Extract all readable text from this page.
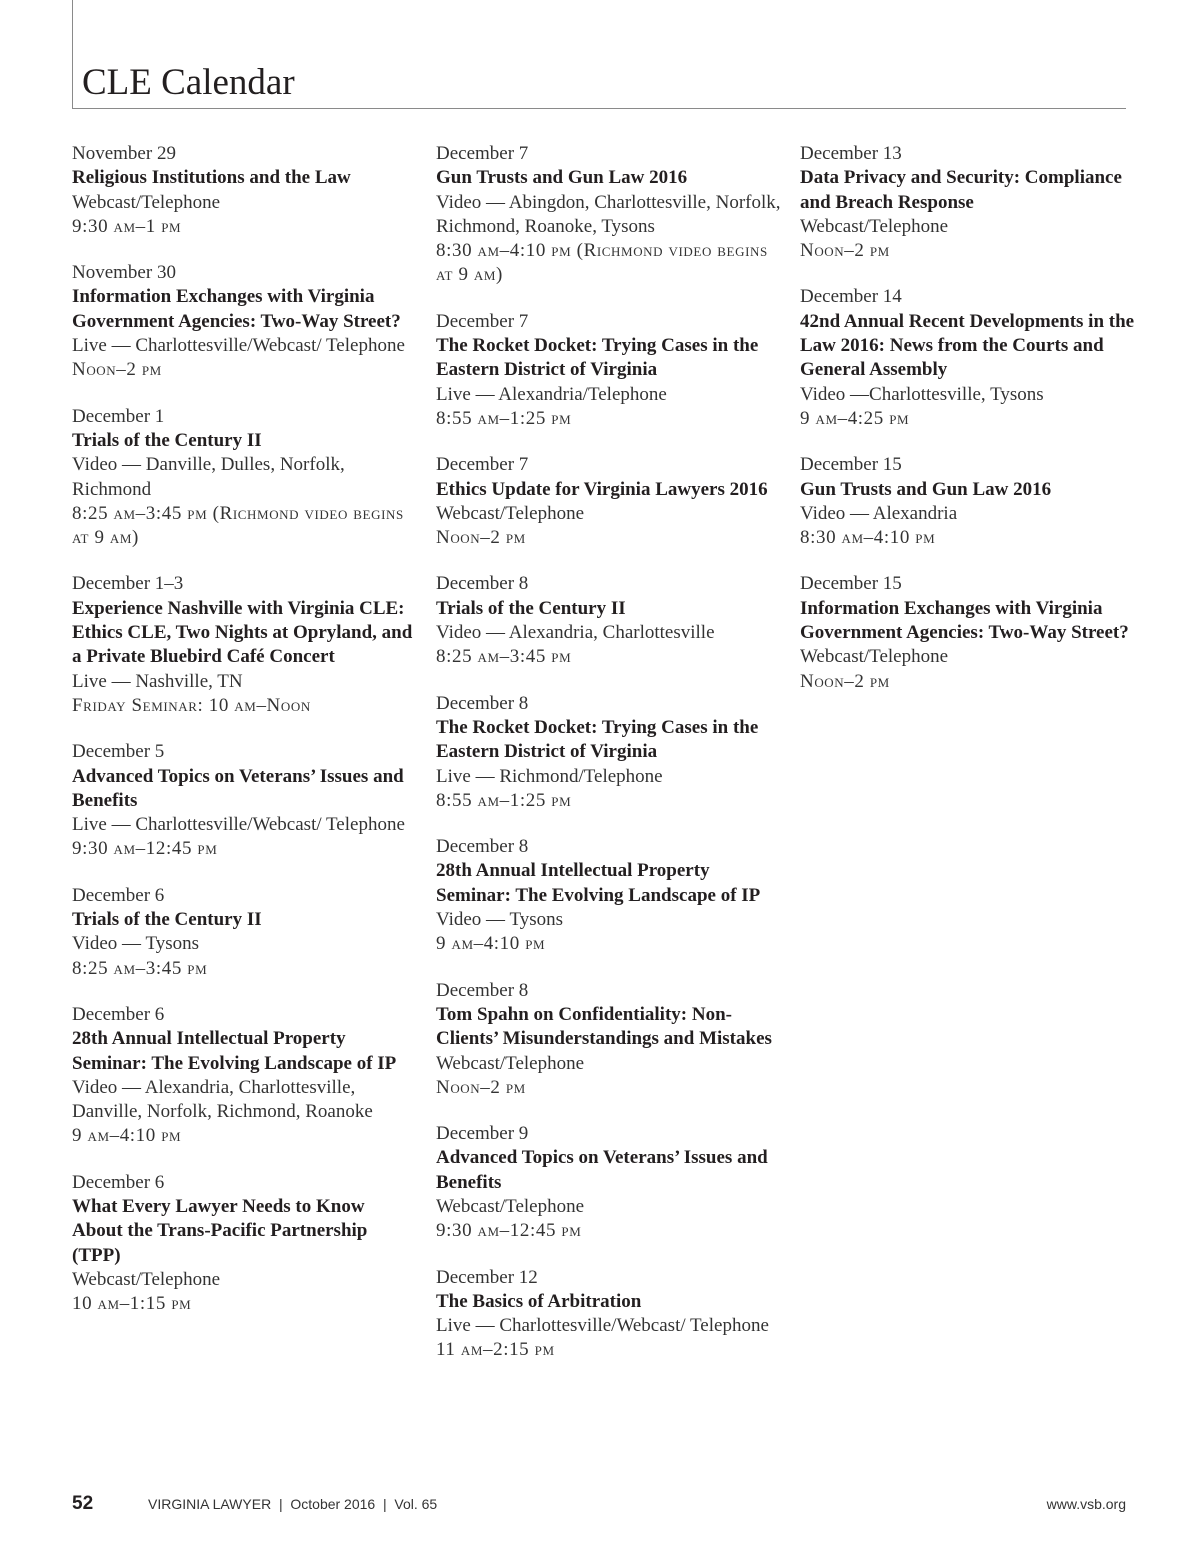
CLE Calendar
November 29
Religious Institutions and the Law
Webcast/Telephone
9:30 am–1 pm
November 30
Information Exchanges with Virginia Government Agencies: Two-Way Street?
Live — Charlottesville/Webcast/ Telephone
Noon–2 pm
December 1
Trials of the Century II
Video — Danville, Dulles, Norfolk, Richmond
8:25 am–3:45 pm (Richmond video begins at 9 am)
December 1–3
Experience Nashville with Virginia CLE: Ethics CLE, Two Nights at Opryland, and a Private Bluebird Café Concert
Live — Nashville, TN
Friday Seminar: 10 am–Noon
December 5
Advanced Topics on Veterans’ Issues and Benefits
Live — Charlottesville/Webcast/ Telephone
9:30 am–12:45 pm
December 6
Trials of the Century II
Video — Tysons
8:25 am–3:45 pm
December 6
28th Annual Intellectual Property Seminar: The Evolving Landscape of IP
Video — Alexandria, Charlottesville, Danville, Norfolk, Richmond, Roanoke
9 am–4:10 pm
December 6
What Every Lawyer Needs to Know About the Trans-Pacific Partnership (TPP)
Webcast/Telephone
10 am–1:15 pm
December 7
Gun Trusts and Gun Law 2016
Video — Abingdon, Charlottesville, Norfolk, Richmond, Roanoke, Tysons
8:30 am–4:10 pm (Richmond video begins at 9 am)
December 7
The Rocket Docket: Trying Cases in the Eastern District of Virginia
Live — Alexandria/Telephone
8:55 am–1:25 pm
December 7
Ethics Update for Virginia Lawyers 2016
Webcast/Telephone
Noon–2 pm
December 8
Trials of the Century II
Video — Alexandria, Charlottesville
8:25 am–3:45 pm
December 8
The Rocket Docket: Trying Cases in the Eastern District of Virginia
Live — Richmond/Telephone
8:55 am–1:25 pm
December 8
28th Annual Intellectual Property Seminar: The Evolving Landscape of IP
Video — Tysons
9 am–4:10 pm
December 8
Tom Spahn on Confidentiality: Non-Clients’ Misunderstandings and Mistakes
Webcast/Telephone
Noon–2 pm
December 9
Advanced Topics on Veterans’ Issues and Benefits
Webcast/Telephone
9:30 am–12:45 pm
December 12
The Basics of Arbitration
Live — Charlottesville/Webcast/ Telephone
11 am–2:15 pm
December 13
Data Privacy and Security: Compliance and Breach Response
Webcast/Telephone
Noon–2 pm
December 14
42nd Annual Recent Developments in the Law 2016: News from the Courts and General Assembly
Video —Charlottesville, Tysons
9 am–4:25 pm
December 15
Gun Trusts and Gun Law 2016
Video — Alexandria
8:30 am–4:10 pm
December 15
Information Exchanges with Virginia Government Agencies: Two-Way Street?
Webcast/Telephone
Noon–2 pm
52	VIRGINIA LAWYER  |  October 2016  |  Vol. 65	www.vsb.org
